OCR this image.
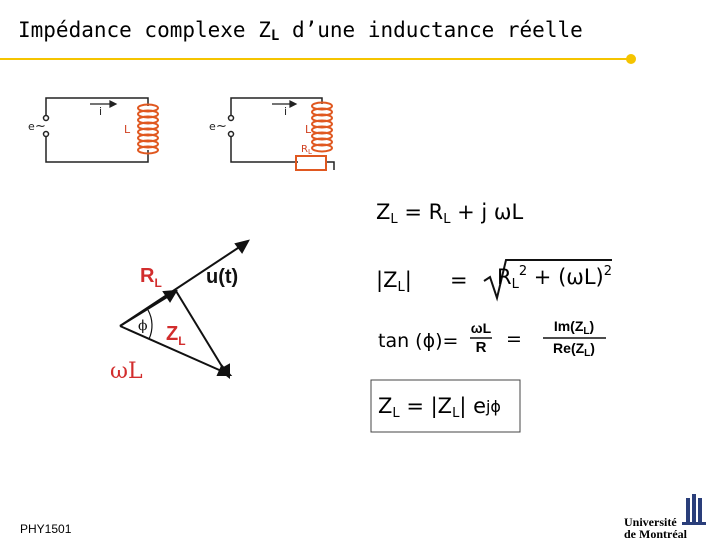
Impédance complexe $Z_L$ d’une inductance réelle
e ~
i
L	e ~
i
L
$R_L$
$R_L$ u(t)
ϕ $Z_L$
ωL
$Z_L = R_L + j$ ωL
$|Z_L| = R_L^2 + (\omega L)^2$
tan (ϕ)=
ωL
R =
$Im(Z_L)$
$Re(Z_L)$
$Z_L = |Z_L|$ ejϕ
PHY1501	Université
de Montréal
